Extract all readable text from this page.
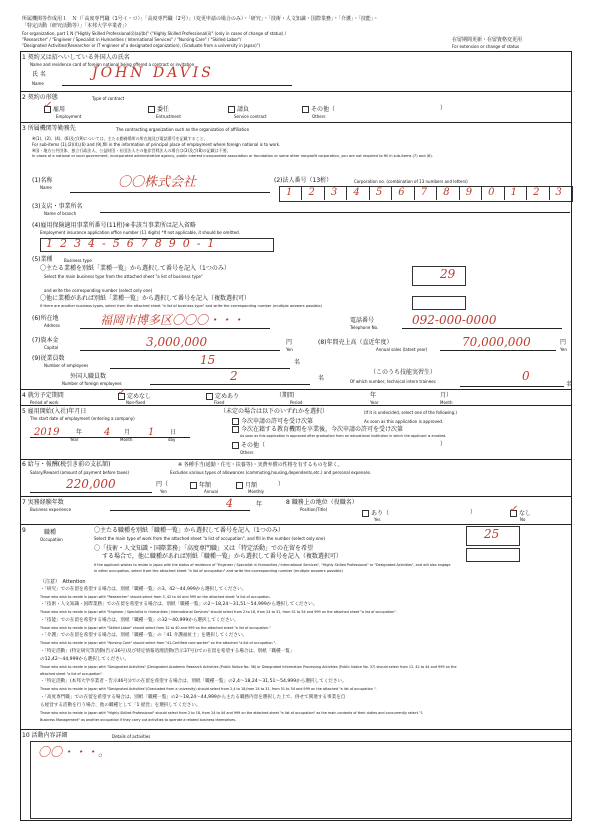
所属機関等作成用１　Ｎ（「高度専門職（1号イ・ロ）」「高度専門職（2号）」（変更申請の場合のみ）・「研究」・「技術・人文知識・国際業務」・「介護」・「技能」・
「特定活動（研究活動等）」「本邦大学卒業者」）
For organization, part 1 N ("Highly Skilled Professional(i)(a)/(b)" ("Highly Skilled Professional(ii)" (only in cases of change of status) /
"Researcher" / "Engineer / Specialist in Humanities / International Services" / "Nursing Care" / "Skilled Labor"/
"Designated Activities(Researcher or IT engineer of a designated organization), (Graduate from a university in Japan)")
在留期間更新・在留資格変更用
For extension or change of status
1 契約又は招へいしている外国人の氏名
Name and residence card of foreign national being offered a contract or invitation
氏 名
Name
JOHN DAVIS
2 契約の形態	Type of contract
✓ 雇用
Employment
委任
Entrustment
請負
Service contract
その他（
Others
）
3 所属機関等勤務先	The contracting organization such as the organization of affiliation
※(1)、(2)、(4)、(6)及び(9)については，主たる勤務場所の所在地及び電話番号を記載すること。
For sub-items (1),(2)(4),(6) and (9),fill in the information of principal place of employment where foreign national is to work.
※国・地方公共団体、独立行政法人、公益財団・社団法人その他非営利法人の場合は(3)及び(8)の記載は不要。
In cases of a national or local government, incorporated administrative agency, public interest incorporated association or foundation or some other nonprofit corporation, you are not required to fill in sub-items (7) and (8).
(1)名称
Name	〇〇株式会社	(2)法人番号（13桁）	Corporation no. (combination of 13 numbers and letters)
1 2 3 4 5 6 7 8 9 0 1 2 3
(3)支店・事業所名
Name of branch
(4)雇用保険適用事業所番号(11桁)※非該当事業所は記入省略
Employment insurance application office number (11 digits) *If not applicable, it should be omitted.
1234-567890-1
(5)業種	Business type
〇主たる業種を別紙「業種一覧」から選択して番号を記入（1つのみ）
Select the main business type from the attached sheet "a list of business type"	29
and write the corresponding number (select only one)
〇他に業種があれば別紙「業種一覧」から選択して番号を記入（複数選択可）
If there are another business types, select from the attached sheet "a list of business type" and write the corresponding number (multiple answers possible)
(6)所在地
Address	福岡市博多区〇〇〇・・・	電話番号
Telephone No.
092-000-0000
(7)資本金
Capital	3,000,000	円
Yen
(8)年間売上高（直近年度）
Annual sales (latest year)
70,000,000	円
Yen
(9)従業員数
Number of employees	15	名
外国人職員数
Number of foreign employees
2	名
（このうち技能実習生）
Of which number, technical intern trainees	0
名
4 就労予定期間
Period of work
✓ 定めなし
Non-fixed
定めあり
Fixed
（期間
Period
年
Year
月）
Month
5 雇用開始(入社)年月日
The start date of employment (entering a company)
2019	年
Year
4 月
Month
1	日
day
（未定の場合は以下のいずれかを選択）	(If it is undecided, select one of the following.)
今次申請の許可を受け次第	As soon as this application is approved.
今次在籍する教育機関を卒業後、今次申請の許可を受け次第
As soon as this application is approved after graduation from an educational institution in which the applicant is enrolled.
その他（	）
Others
6 給与・報酬(税引き前の支払額)	※ 各種手当(通勤・住宅・扶養等)・実費弁償の性格を有するものを除く。
Salary/Reward (amount of payment before taxes)	Excludes various types of allowances (commuting,housing,dependents,etc.) and personal expenses.
220,000	円（
Yen
年額
Annual
月額
Monthly
）
7 実務経験年数
Business experience	4	年	8 職務上の地位（役職名）
Position(Title)
あり（
Yes
）	✓ なし
No
9	職種
Occupation
〇主たる職種を別紙「職種一覧」から選択して番号を記入（1つのみ）
Select the main type of work from the attached sheet "a list of occupation", and fill in the number (select only one)	25
〇「技術・人文知識・国際業務」「高度専門職」又は「特定活動」での在留を希望
する場合で，他に職種があれば別紙「職種一覧」から選択して番号を記入（複数選択可）
If the applicant wishes to reside in Japan with the status of residence of "Engineer / Specialist in Humanities / International Services", "Highly Skilled Professional" or "Designated Activities", and will also engage
in other occupation, select from the attached sheet "a list of occupation" and write the corresponding number (multiple answers possible)
（注意）　Attention
・「研究」での在留を希望する場合は、別紙「職種一覧」の3、42～44,999から選択してください。
Those who wish to reside in Japan with "Researcher" should select from 3, 42 to 44 and 999 on the attached sheet "a list of occupation.
・「技術・人文知識・国際業務」での在留を希望する場合は、別紙「職種一覧」の2～18,24～31,51～54,999から選択してください。
Those who wish to reside in Japan with "Engineer / Specialist in Humanities / International Services" should select from 2 to 18, from 24 to 31, from 51 to 54 and 999 on the attached sheet "a list of occupation".
・「技能」での在留を希望する場合は、別紙「職種一覧」の32～40,999から選択してください。
Those who wish to reside in Japan with "Skilled Labor" should select from 32 to 40 and 999 on the attached sheet "a list of occupation."
・「介護」での在留を希望する場合は、別紙「職種一覧」の「41 介護福祉士」を選択してください。
Those who wish to reside in Japan with "Nursing Care" should select from "41.Certified care worker" on the attached "a list of occupation ".
・「特定活動」(特定研究等活動(告示36号)及び特定情報処理活動(告示37号))での在留を希望する場合は、別紙「職種一覧」
の12,42～44,999から選択してください。
Those who wish to reside in Japan with "Designated Activities" (Designated Academic Research Activities (Public Notice No. 36) or Designated Information Processing Activities (Public Notice No. 37) should select from 12, 42 to 44 and 999 on the
attached sheet "a list of occupation".
・「特定活動」(本邦大学卒業者・告示46号))での在留を希望する場合は、別紙「職種一覧」の2,4～18,24～31,51～54,999から選択してください。
Those who wish to reside in Japan with "Designated Activities"(Graduated from a university) should select from 2,4 to 18,from 24 to 31, from 51 to 54 and 999 on the attached "a list of occupation ".
・「高度専門職」での在留を希望する場合は、別紙「職種一覧」の2～18,24～44,999から主たる職務内容を選択した上で、併せて関連する事業を自
ら経営する活動を行う場合、他の職種として「1 経営」を選択してください。
Those who wish to reside in Japan with "Highly Skilled Professional" should select from 2 to 18, from 24 to 44 and 999 on the attached sheet "a list of occupation" as the main contents of their duties and concurrently select "1
Business Management" as another occupation if they carry out activities to operate a related business themselves.
10 活動内容詳細	Details of activities
〇〇・・・。
